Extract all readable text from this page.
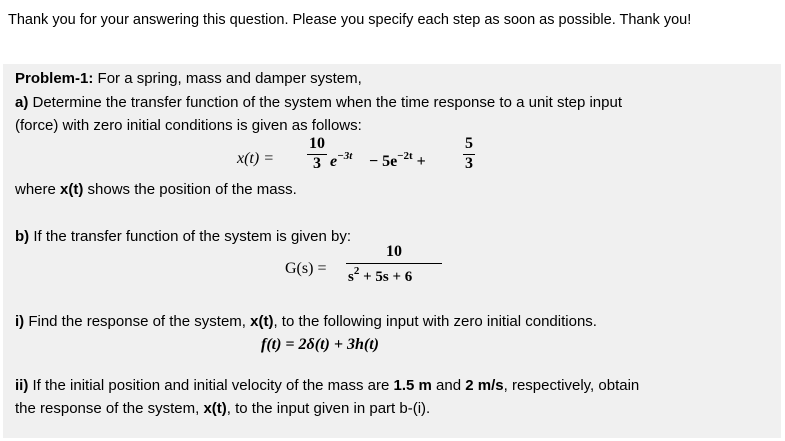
Thank you for your answering this question. Please you specify each step as soon as possible. Thank you!
Problem-1: For a spring, mass and damper system,
a) Determine the transfer function of the system when the time response to a unit step input
(force) with zero initial conditions is given as follows:
x(t) =
10
3 $e^{-3t} - 5e^{-2t}$ +
5
3
where x(t) shows the position of the mass.
b) If the transfer function of the system is given by:
G(s) =
10
$s^2 + 5s + 6$
i) Find the response of the system, x(t), to the following input with zero initial conditions.
f(t) = 2δ(t) + 3h(t)
ii) If the initial position and initial velocity of the mass are 1.5 m and 2 m/s, respectively, obtain
the response of the system, x(t), to the input given in part b-(i).
